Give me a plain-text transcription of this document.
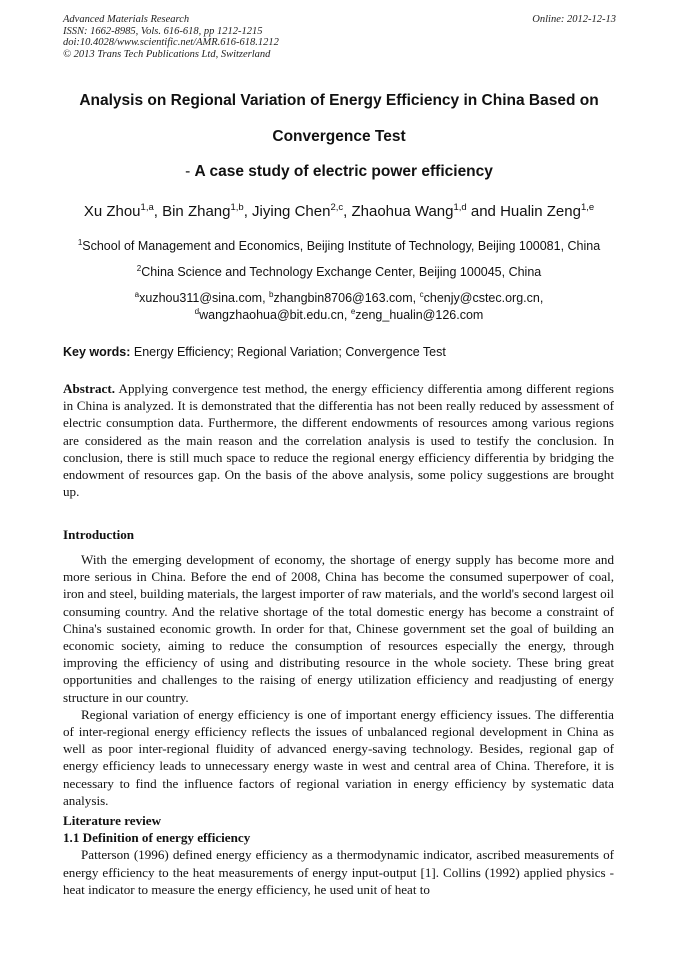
Advanced Materials Research
ISSN: 1662-8985, Vols. 616-618, pp 1212-1215
doi:10.4028/www.scientific.net/AMR.616-618.1212
© 2013 Trans Tech Publications Ltd, Switzerland
Online: 2012-12-13
Analysis on Regional Variation of Energy Efficiency in China Based on
Convergence Test
- A case study of electric power efficiency
Xu Zhou$^{1,a}$, Bin Zhang$^{1,b}$, Jiying Chen$^{2,c}$, Zhaohua Wang$^{1,d}$ and Hualin Zeng$^{1,e}$
$^1$School of Management and Economics, Beijing Institute of Technology, Beijing 100081, China
$^2$China Science and Technology Exchange Center, Beijing 100045, China
$^a$xuzhou311@sina.com, $^b$zhangbin8706@163.com, $^c$chenjy@cstec.org.cn,
$^d$wangzhaohua@bit.edu.cn, $^e$zeng_hualin@126.com
Key words: Energy Efficiency; Regional Variation; Convergence Test

Abstract. Applying convergence test method, the energy efficiency differentia among different regions in China is analyzed. It is demonstrated that the differentia has not been really reduced by assessment of electric consumption data. Furthermore, the different endowments of resources among various regions are considered as the main reason and the correlation analysis is used to testify the conclusion. In conclusion, there is still much space to reduce the regional energy efficiency differentia by bridging the endowment of resources gap. On the basis of the above analysis, some policy suggestions are brought up.

Introduction

With the emerging development of economy, the shortage of energy supply has become more and more serious in China. Before the end of 2008, China has become the consumed superpower of coal, iron and steel, building materials, the largest importer of raw materials, and the world's second largest oil consuming country. And the relative shortage of the total domestic energy has become a constraint of China's sustained economic growth. In order for that, Chinese government set the goal of building an economic society, aiming to reduce the consumption of resources especially the energy, through improving the efficiency of using and distributing resource in the whole society. These bring great opportunities and challenges to the raising of energy utilization efficiency and readjusting of energy structure in our country.

Regional variation of energy efficiency is one of important energy efficiency issues. The differentia of inter-regional energy efficiency reflects the issues of unbalanced regional development in China as well as poor inter-regional fluidity of advanced energy-saving technology. Besides, regional gap of energy efficiency leads to unnecessary energy waste in west and central area of China. Therefore, it is necessary to find the influence factors of regional variation in energy efficiency by systematic data analysis.

Literature review

1.1 Definition of energy efficiency

Patterson (1996) defined energy efficiency as a thermodynamic indicator, ascribed measurements of energy efficiency to the heat measurements of energy input-output [1]. Collins (1992) applied physics - heat indicator to measure the energy efficiency, he used unit of heat to
